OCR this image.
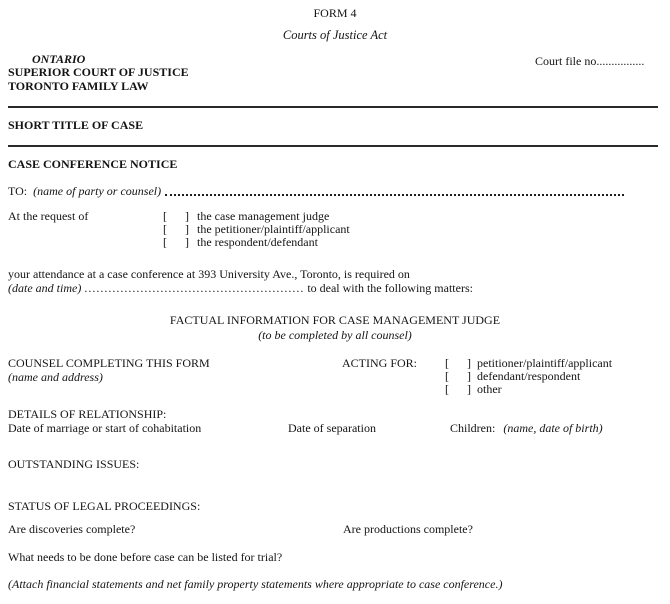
FORM 4
Courts of Justice Act
ONTARIO
SUPERIOR COURT OF JUSTICE
TORONTO FAMILY LAW
Court file no................
SHORT TITLE OF CASE
CASE CONFERENCE NOTICE
TO: (name of party or counsel)
At the request of	[  ] the case management judge
[  ] the petitioner/plaintiff/applicant
[  ] the respondent/defendant
your attendance at a case conference at 393 University Ave., Toronto, is required on
(date and time) ....................................................... to deal with the following matters:
FACTUAL INFORMATION FOR CASE MANAGEMENT JUDGE
(to be completed by all counsel)
COUNSEL COMPLETING THIS FORM
(name and address)
ACTING FOR: [  ] petitioner/plaintiff/applicant
[  ] defendant/respondent
[  ] other
DETAILS OF RELATIONSHIP:
Date of marriage or start of cohabitation	Date of separation	Children: (name, date of birth)
OUTSTANDING ISSUES:
STATUS OF LEGAL PROCEEDINGS:
Are discoveries complete?	Are productions complete?
What needs to be done before case can be listed for trial?
(Attach financial statements and net family property statements where appropriate to case conference.)
